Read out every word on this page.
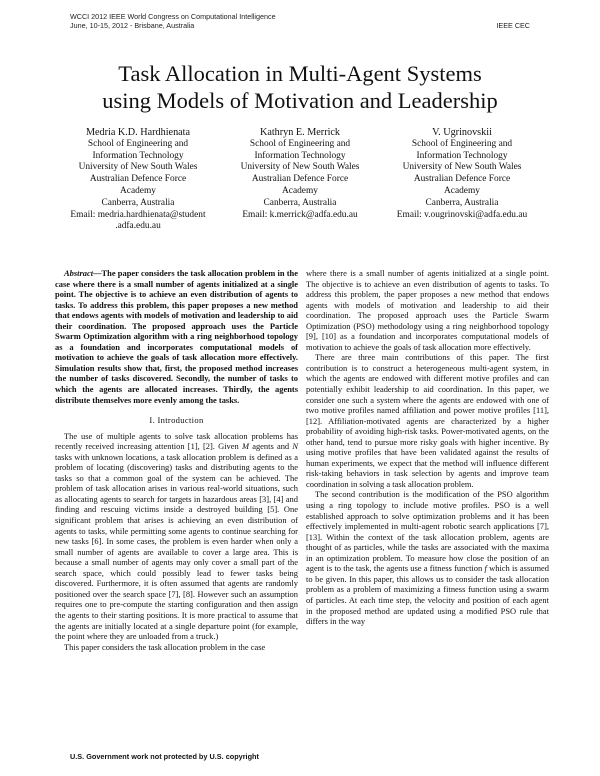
WCCI 2012 IEEE World Congress on Computational Intelligence
June, 10-15, 2012 - Brisbane, Australia	IEEE CEC
Task Allocation in Multi-Agent Systems
using Models of Motivation and Leadership
Medria K.D. Hardhienata
School of Engineering and
Information Technology
University of New South Wales
Australian Defence Force
Academy
Canberra, Australia
Email: medria.hardhienata@student
.adfa.edu.au
Kathryn E. Merrick
School of Engineering and
Information Technology
University of New South Wales
Australian Defence Force
Academy
Canberra, Australia
Email: k.merrick@adfa.edu.au
V. Ugrinovskii
School of Engineering and
Information Technology
University of New South Wales
Australian Defence Force
Academy
Canberra, Australia
Email: v.ougrinovski@adfa.edu.au

Abstract—The paper considers the task allocation problem in the case where there is a small number of agents initialized at a single point. The objective is to achieve an even distribution of agents to tasks. To address this problem, this paper proposes a new method that endows agents with models of motivation and leadership to aid their coordination. The proposed approach uses the Particle Swarm Optimization algorithm with a ring neighborhood topology as a foundation and incorporates computational models of motivation to achieve the goals of task allocation more effectively. Simulation results show that, first, the proposed method increases the number of tasks discovered. Secondly, the number of tasks to which the agents are allocated increases. Thirdly, the agents distribute themselves more evenly among the tasks.

I. Introduction

The use of multiple agents to solve task allocation problems has recently received increasing attention [1], [2]. Given M agents and N tasks with unknown locations, a task allocation problem is defined as a problem of locating (discovering) tasks and distributing agents to the tasks so that a common goal of the system can be achieved. The problem of task allocation arises in various real-world situations, such as allocating agents to search for targets in hazardous areas [3], [4] and finding and rescuing victims inside a destroyed building [5]. One significant problem that arises is achieving an even distribution of agents to tasks, while permitting some agents to continue searching for new tasks [6]. In some cases, the problem is even harder when only a small number of agents are available to cover a large area. This is because a small number of agents may only cover a small part of the search space, which could possibly lead to fewer tasks being discovered. Furthermore, it is often assumed that agents are randomly positioned over the search space [7], [8]. However such an assumption requires one to pre-compute the starting configuration and then assign the agents to their starting positions. It is more practical to assume that the agents are initially located at a single departure point (for example, the point where they are unloaded from a truck.)

This paper considers the task allocation problem in the case

where there is a small number of agents initialized at a single point. The objective is to achieve an even distribution of agents to tasks. To address this problem, the paper proposes a new method that endows agents with models of motivation and leadership to aid their coordination. The proposed approach uses the Particle Swarm Optimization (PSO) methodology using a ring neighborhood topology [9], [10] as a foundation and incorporates computational models of motivation to achieve the goals of task allocation more effectively.

There are three main contributions of this paper. The first contribution is to construct a heterogeneous multi-agent system, in which the agents are endowed with different motive profiles and can potentially exhibit leadership to aid coordination. In this paper, we consider one such a system where the agents are endowed with one of two motive profiles named affiliation and power motive profiles [11], [12]. Affiliation-motivated agents are characterized by a higher probability of avoiding high-risk tasks. Power-motivated agents, on the other hand, tend to pursue more risky goals with higher incentive. By using motive profiles that have been validated against the results of human experiments, we expect that the method will influence different risk-taking behaviors in task selection by agents and improve team coordination in solving a task allocation problem.

The second contribution is the modification of the PSO algorithm using a ring topology to include motive profiles. PSO is a well established approach to solve optimization problems and it has been effectively implemented in multi-agent robotic search applications [7], [13]. Within the context of the task allocation problem, agents are thought of as particles, while the tasks are associated with the maxima in an optimization problem. To measure how close the position of an agent is to the task, the agents use a fitness function f which is assumed to be given. In this paper, this allows us to consider the task allocation problem as a problem of maximizing a fitness function using a swarm of particles. At each time step, the velocity and position of each agent in the proposed method are updated using a modified PSO rule that differs in the way

U.S. Government work not protected by U.S. copyright
